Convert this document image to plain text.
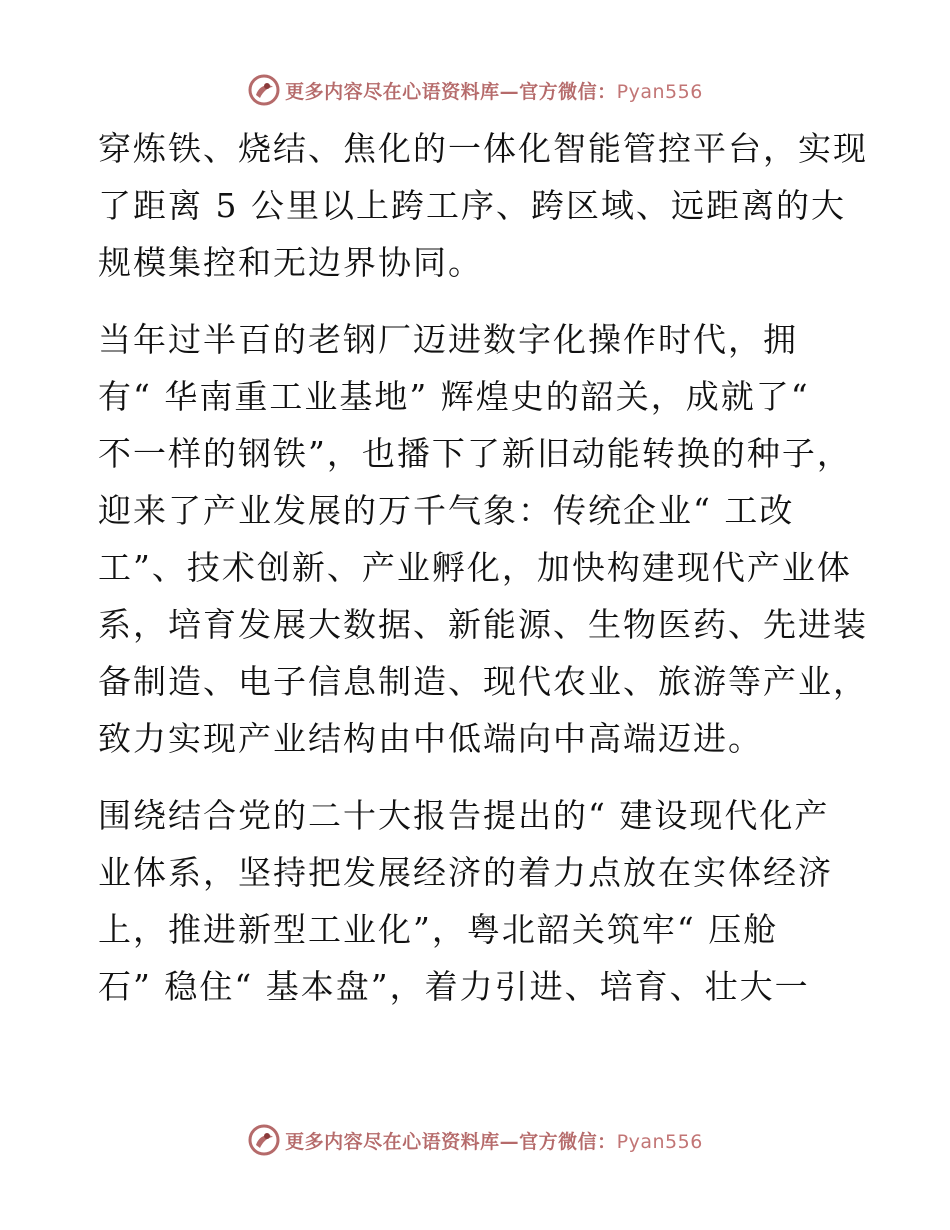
更多内容尽在心语资料库—官方微信：Pyan556
穿炼铁、烧结、焦化的一体化智能管控平台，实现
了距离 5 公里以上跨工序、跨区域、远距离的大
规模集控和无边界协同。
当年过半百的老钢厂迈进数字化操作时代，拥
有“ 华南重工业基地” 辉煌史的韶关，成就了“
不一样的钢铁”，也播下了新旧动能转换的种子，
迎来了产业发展的万千气象：传统企业“ 工改
工”、技术创新、产业孵化，加快构建现代产业体
系，培育发展大数据、新能源、生物医药、先进装
备制造、电子信息制造、现代农业、旅游等产业，
致力实现产业结构由中低端向中高端迈进。
围绕结合党的二十大报告提出的“ 建设现代化产
业体系，坚持把发展经济的着力点放在实体经济
上，推进新型工业化”，粤北韶关筑牢“ 压舱
石” 稳住“ 基本盘”，着力引进、培育、壮大一
更多内容尽在心语资料库—官方微信：Pyan556
